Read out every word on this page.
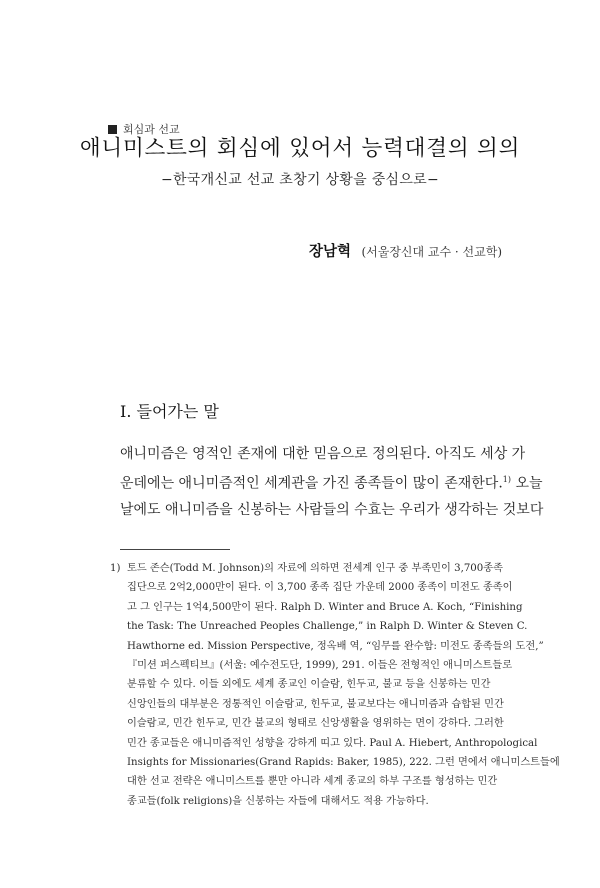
회심과 선교
애니미스트의 회심에 있어서 능력대결의 의의
−한국개신교 선교 초창기 상황을 중심으로−
장남혁 (서울장신대 교수 · 선교학)
I. 들어가는 말
애니미즘은 영적인 존재에 대한 믿음으로 정의된다. 아직도 세상 가
운데에는 애니미즘적인 세계관을 가진 종족들이 많이 존재한다.$^{1)}$ 오늘
날에도 애니미즘을 신봉하는 사람들의 수효는 우리가 생각하는 것보다
1) 토드 존슨(Todd M. Johnson)의 자료에 의하면 전세계 인구 중 부족민이 3,700종족
집단으로 2억2,000만이 된다. 이 3,700 종족 집단 가운데 2000 종족이 미전도 종족이
고 그 인구는 1억4,500만이 된다. Ralph D. Winter and Bruce A. Koch, “Finishing
the Task: The Unreached Peoples Challenge,” in Ralph D. Winter & Steven C.
Hawthorne ed. Mission Perspective, 정옥배 역, “임무를 완수함: 미전도 종족들의 도전,”
『미션 퍼스펙티브』(서울: 예수전도단, 1999), 291. 이들은 전형적인 애니미스트들로
분류할 수 있다. 이들 외에도 세계 종교인 이슬람, 힌두교, 불교 등을 신봉하는 민간
신앙인들의 대부분은 정통적인 이슬람교, 힌두교, 불교보다는 애니미즘과 습합된 민간
이슬람교, 민간 힌두교, 민간 불교의 형태로 신앙생활을 영위하는 면이 강하다. 그러한
민간 종교들은 애니미즘적인 성향을 강하게 띠고 있다. Paul A. Hiebert, Anthropological
Insights for Missionaries(Grand Rapids: Baker, 1985), 222. 그런 면에서 애니미스트들에
대한 선교 전략은 애니미스트를 뿐만 아니라 세계 종교의 하부 구조를 형성하는 민간
종교들(folk religions)을 신봉하는 자들에 대해서도 적용 가능하다.
